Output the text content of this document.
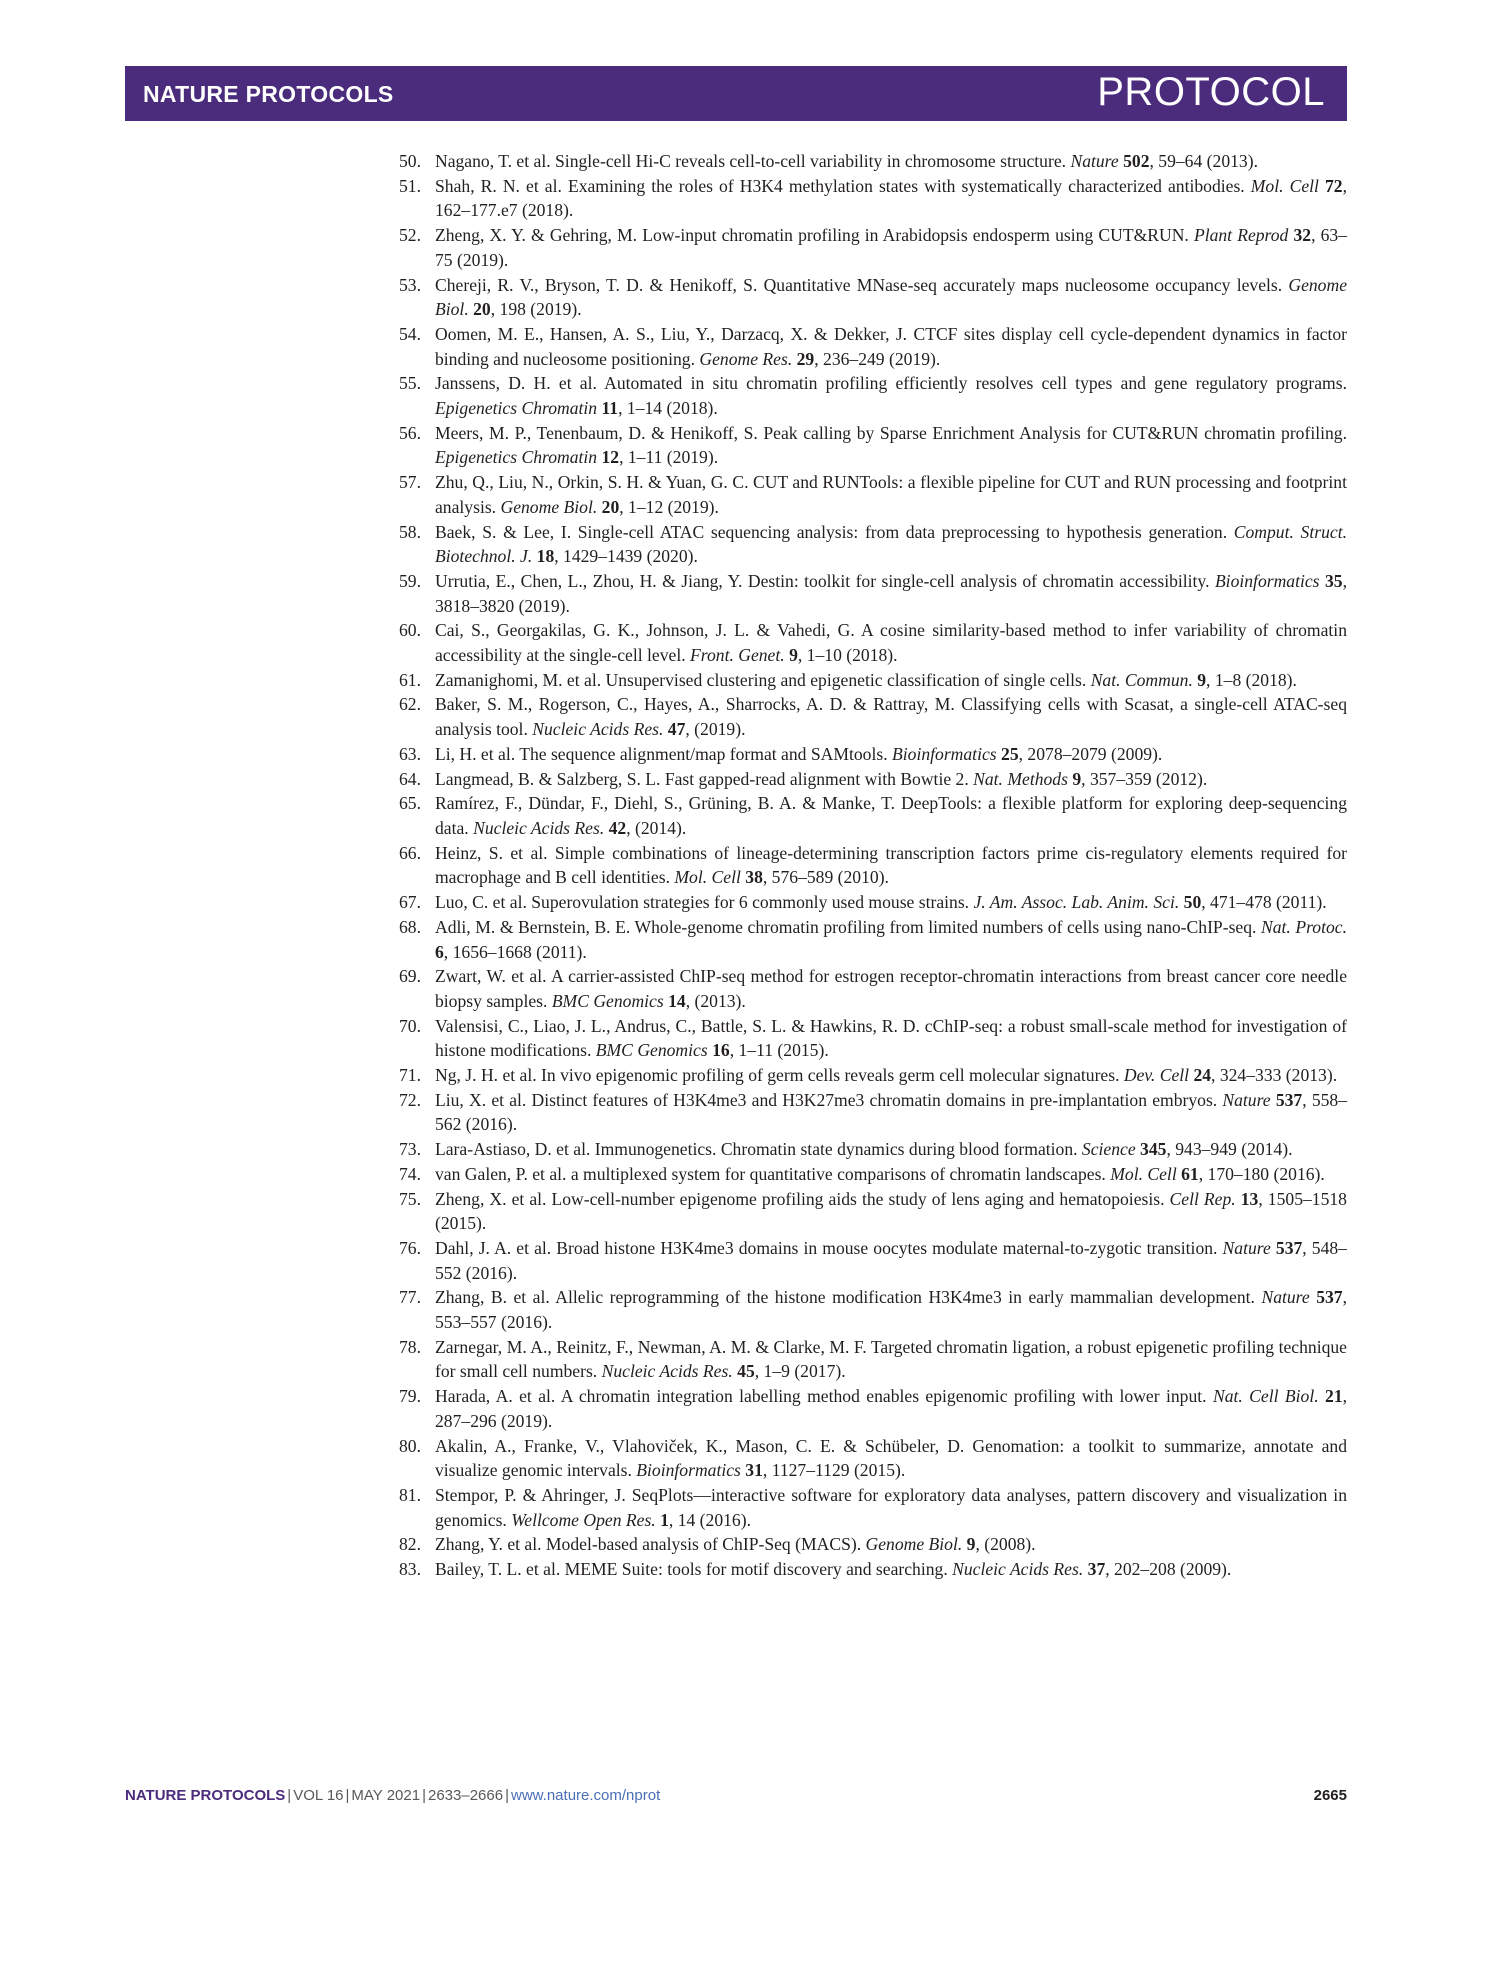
NATURE PROTOCOLS	PROTOCOL
50. Nagano, T. et al. Single-cell Hi-C reveals cell-to-cell variability in chromosome structure. Nature 502, 59–64 (2013).
51. Shah, R. N. et al. Examining the roles of H3K4 methylation states with systematically characterized antibodies. Mol. Cell 72, 162–177.e7 (2018).
52. Zheng, X. Y. & Gehring, M. Low-input chromatin profiling in Arabidopsis endosperm using CUT&RUN. Plant Reprod 32, 63–75 (2019).
53. Chereji, R. V., Bryson, T. D. & Henikoff, S. Quantitative MNase-seq accurately maps nucleosome occupancy levels. Genome Biol. 20, 198 (2019).
54. Oomen, M. E., Hansen, A. S., Liu, Y., Darzacq, X. & Dekker, J. CTCF sites display cell cycle-dependent dynamics in factor binding and nucleosome positioning. Genome Res. 29, 236–249 (2019).
55. Janssens, D. H. et al. Automated in situ chromatin profiling efficiently resolves cell types and gene regulatory programs. Epigenetics Chromatin 11, 1–14 (2018).
56. Meers, M. P., Tenenbaum, D. & Henikoff, S. Peak calling by Sparse Enrichment Analysis for CUT&RUN chromatin profiling. Epigenetics Chromatin 12, 1–11 (2019).
57. Zhu, Q., Liu, N., Orkin, S. H. & Yuan, G. C. CUT and RUNTools: a flexible pipeline for CUT and RUN processing and footprint analysis. Genome Biol. 20, 1–12 (2019).
58. Baek, S. & Lee, I. Single-cell ATAC sequencing analysis: from data preprocessing to hypothesis generation. Comput. Struct. Biotechnol. J. 18, 1429–1439 (2020).
59. Urrutia, E., Chen, L., Zhou, H. & Jiang, Y. Destin: toolkit for single-cell analysis of chromatin accessibility. Bioinformatics 35, 3818–3820 (2019).
60. Cai, S., Georgakilas, G. K., Johnson, J. L. & Vahedi, G. A cosine similarity-based method to infer variability of chromatin accessibility at the single-cell level. Front. Genet. 9, 1–10 (2018).
61. Zamanighomi, M. et al. Unsupervised clustering and epigenetic classification of single cells. Nat. Commun. 9, 1–8 (2018).
62. Baker, S. M., Rogerson, C., Hayes, A., Sharrocks, A. D. & Rattray, M. Classifying cells with Scasat, a single-cell ATAC-seq analysis tool. Nucleic Acids Res. 47, (2019).
63. Li, H. et al. The sequence alignment/map format and SAMtools. Bioinformatics 25, 2078–2079 (2009).
64. Langmead, B. & Salzberg, S. L. Fast gapped-read alignment with Bowtie 2. Nat. Methods 9, 357–359 (2012).
65. Ramírez, F., Dündar, F., Diehl, S., Grüning, B. A. & Manke, T. DeepTools: a flexible platform for exploring deep-sequencing data. Nucleic Acids Res. 42, (2014).
66. Heinz, S. et al. Simple combinations of lineage-determining transcription factors prime cis-regulatory elements required for macrophage and B cell identities. Mol. Cell 38, 576–589 (2010).
67. Luo, C. et al. Superovulation strategies for 6 commonly used mouse strains. J. Am. Assoc. Lab. Anim. Sci. 50, 471–478 (2011).
68. Adli, M. & Bernstein, B. E. Whole-genome chromatin profiling from limited numbers of cells using nano-ChIP-seq. Nat. Protoc. 6, 1656–1668 (2011).
69. Zwart, W. et al. A carrier-assisted ChIP-seq method for estrogen receptor-chromatin interactions from breast cancer core needle biopsy samples. BMC Genomics 14, (2013).
70. Valensisi, C., Liao, J. L., Andrus, C., Battle, S. L. & Hawkins, R. D. cChIP-seq: a robust small-scale method for investigation of histone modifications. BMC Genomics 16, 1–11 (2015).
71. Ng, J. H. et al. In vivo epigenomic profiling of germ cells reveals germ cell molecular signatures. Dev. Cell 24, 324–333 (2013).
72. Liu, X. et al. Distinct features of H3K4me3 and H3K27me3 chromatin domains in pre-implantation embryos. Nature 537, 558–562 (2016).
73. Lara-Astiaso, D. et al. Immunogenetics. Chromatin state dynamics during blood formation. Science 345, 943–949 (2014).
74. van Galen, P. et al. a multiplexed system for quantitative comparisons of chromatin landscapes. Mol. Cell 61, 170–180 (2016).
75. Zheng, X. et al. Low-cell-number epigenome profiling aids the study of lens aging and hematopoiesis. Cell Rep. 13, 1505–1518 (2015).
76. Dahl, J. A. et al. Broad histone H3K4me3 domains in mouse oocytes modulate maternal-to-zygotic transition. Nature 537, 548–552 (2016).
77. Zhang, B. et al. Allelic reprogramming of the histone modification H3K4me3 in early mammalian development. Nature 537, 553–557 (2016).
78. Zarnegar, M. A., Reinitz, F., Newman, A. M. & Clarke, M. F. Targeted chromatin ligation, a robust epigenetic profiling technique for small cell numbers. Nucleic Acids Res. 45, 1–9 (2017).
79. Harada, A. et al. A chromatin integration labelling method enables epigenomic profiling with lower input. Nat. Cell Biol. 21, 287–296 (2019).
80. Akalin, A., Franke, V., Vlahoviček, K., Mason, C. E. & Schübeler, D. Genomation: a toolkit to summarize, annotate and visualize genomic intervals. Bioinformatics 31, 1127–1129 (2015).
81. Stempor, P. & Ahringer, J. SeqPlots—interactive software for exploratory data analyses, pattern discovery and visualization in genomics. Wellcome Open Res. 1, 14 (2016).
82. Zhang, Y. et al. Model-based analysis of ChIP-Seq (MACS). Genome Biol. 9, (2008).
83. Bailey, T. L. et al. MEME Suite: tools for motif discovery and searching. Nucleic Acids Res. 37, 202–208 (2009).
NATURE PROTOCOLS | VOL 16 | MAY 2021 | 2633–2666 | www.nature.com/nprot	2665
